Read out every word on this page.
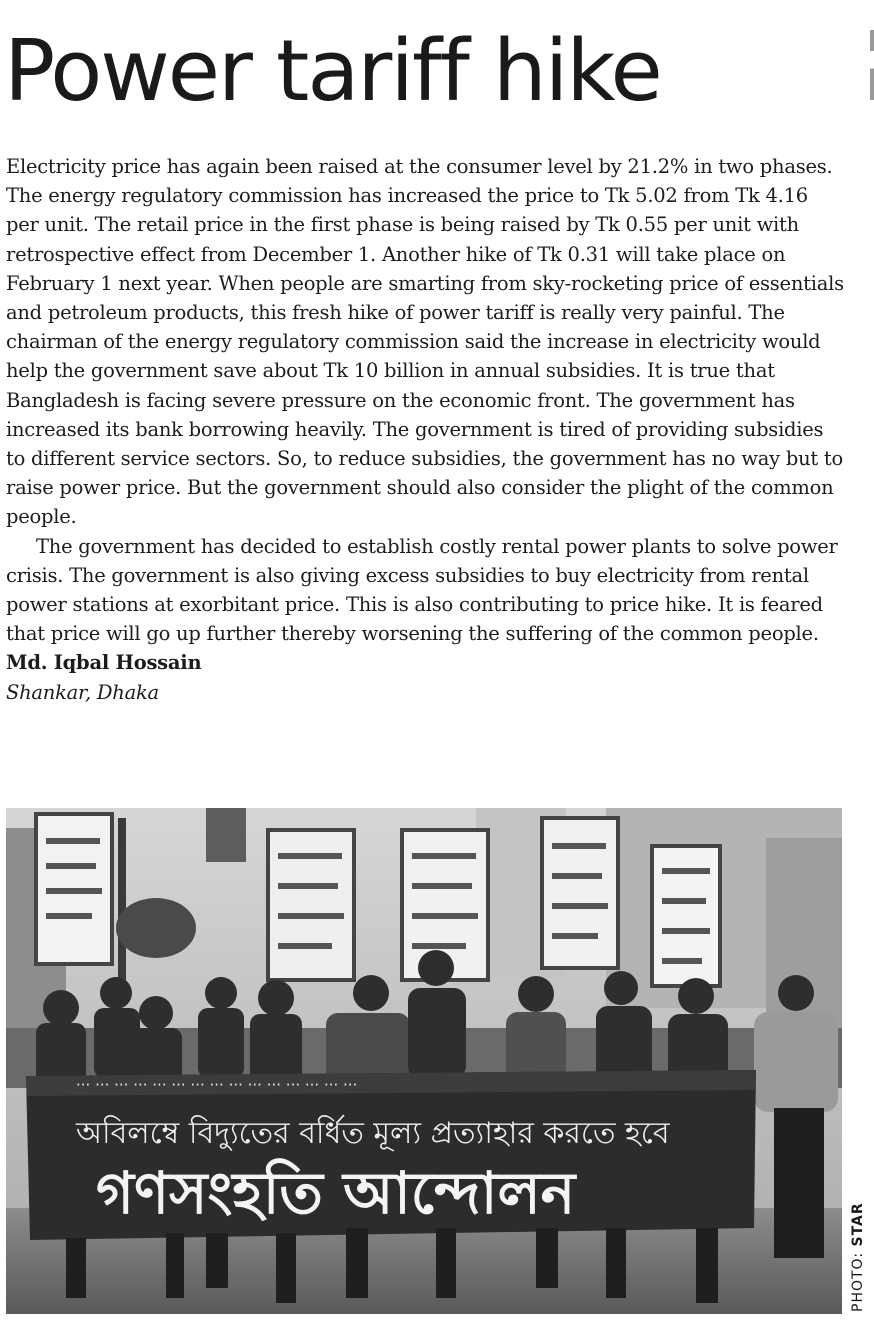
Power tariff hike

Electricity price has again been raised at the consumer level by 21.2% in two phases. The energy regulatory commission has increased the price to Tk 5.02 from Tk 4.16 per unit. The retail price in the first phase is being raised by Tk 0.55 per unit with retrospective effect from December 1. Another hike of Tk 0.31 will take place on February 1 next year. When people are smarting from sky-rocketing price of essentials and petroleum products, this fresh hike of power tariff is really very painful. The chairman of the energy regulatory commission said the increase in electricity would help the government save about Tk 10 billion in annual subsidies. It is true that Bangladesh is facing severe pressure on the economic front. The government has increased its bank borrowing heavily. The government is tired of providing subsidies to different service sectors. So, to reduce subsidies, the government has no way but to raise power price. But the government should also consider the plight of the common people.

The government has decided to establish costly rental power plants to solve power crisis. The government is also giving excess subsidies to buy electricity from rental power stations at exorbitant price. This is also contributing to price hike. It is feared that price will go up further thereby worsening the suffering of the common people.

Md. Iqbal Hossain

Shankar, Dhaka

··· ··· ··· ··· ··· ··· ··· ··· ··· ··· ··· ··· ··· ··· ···
অবিলম্বে বিদ্যুতের বর্ধিত মূল্য প্রত্যাহার করতে হবে
গণসংহতি আন্দোলন
PHOTO: STAR
